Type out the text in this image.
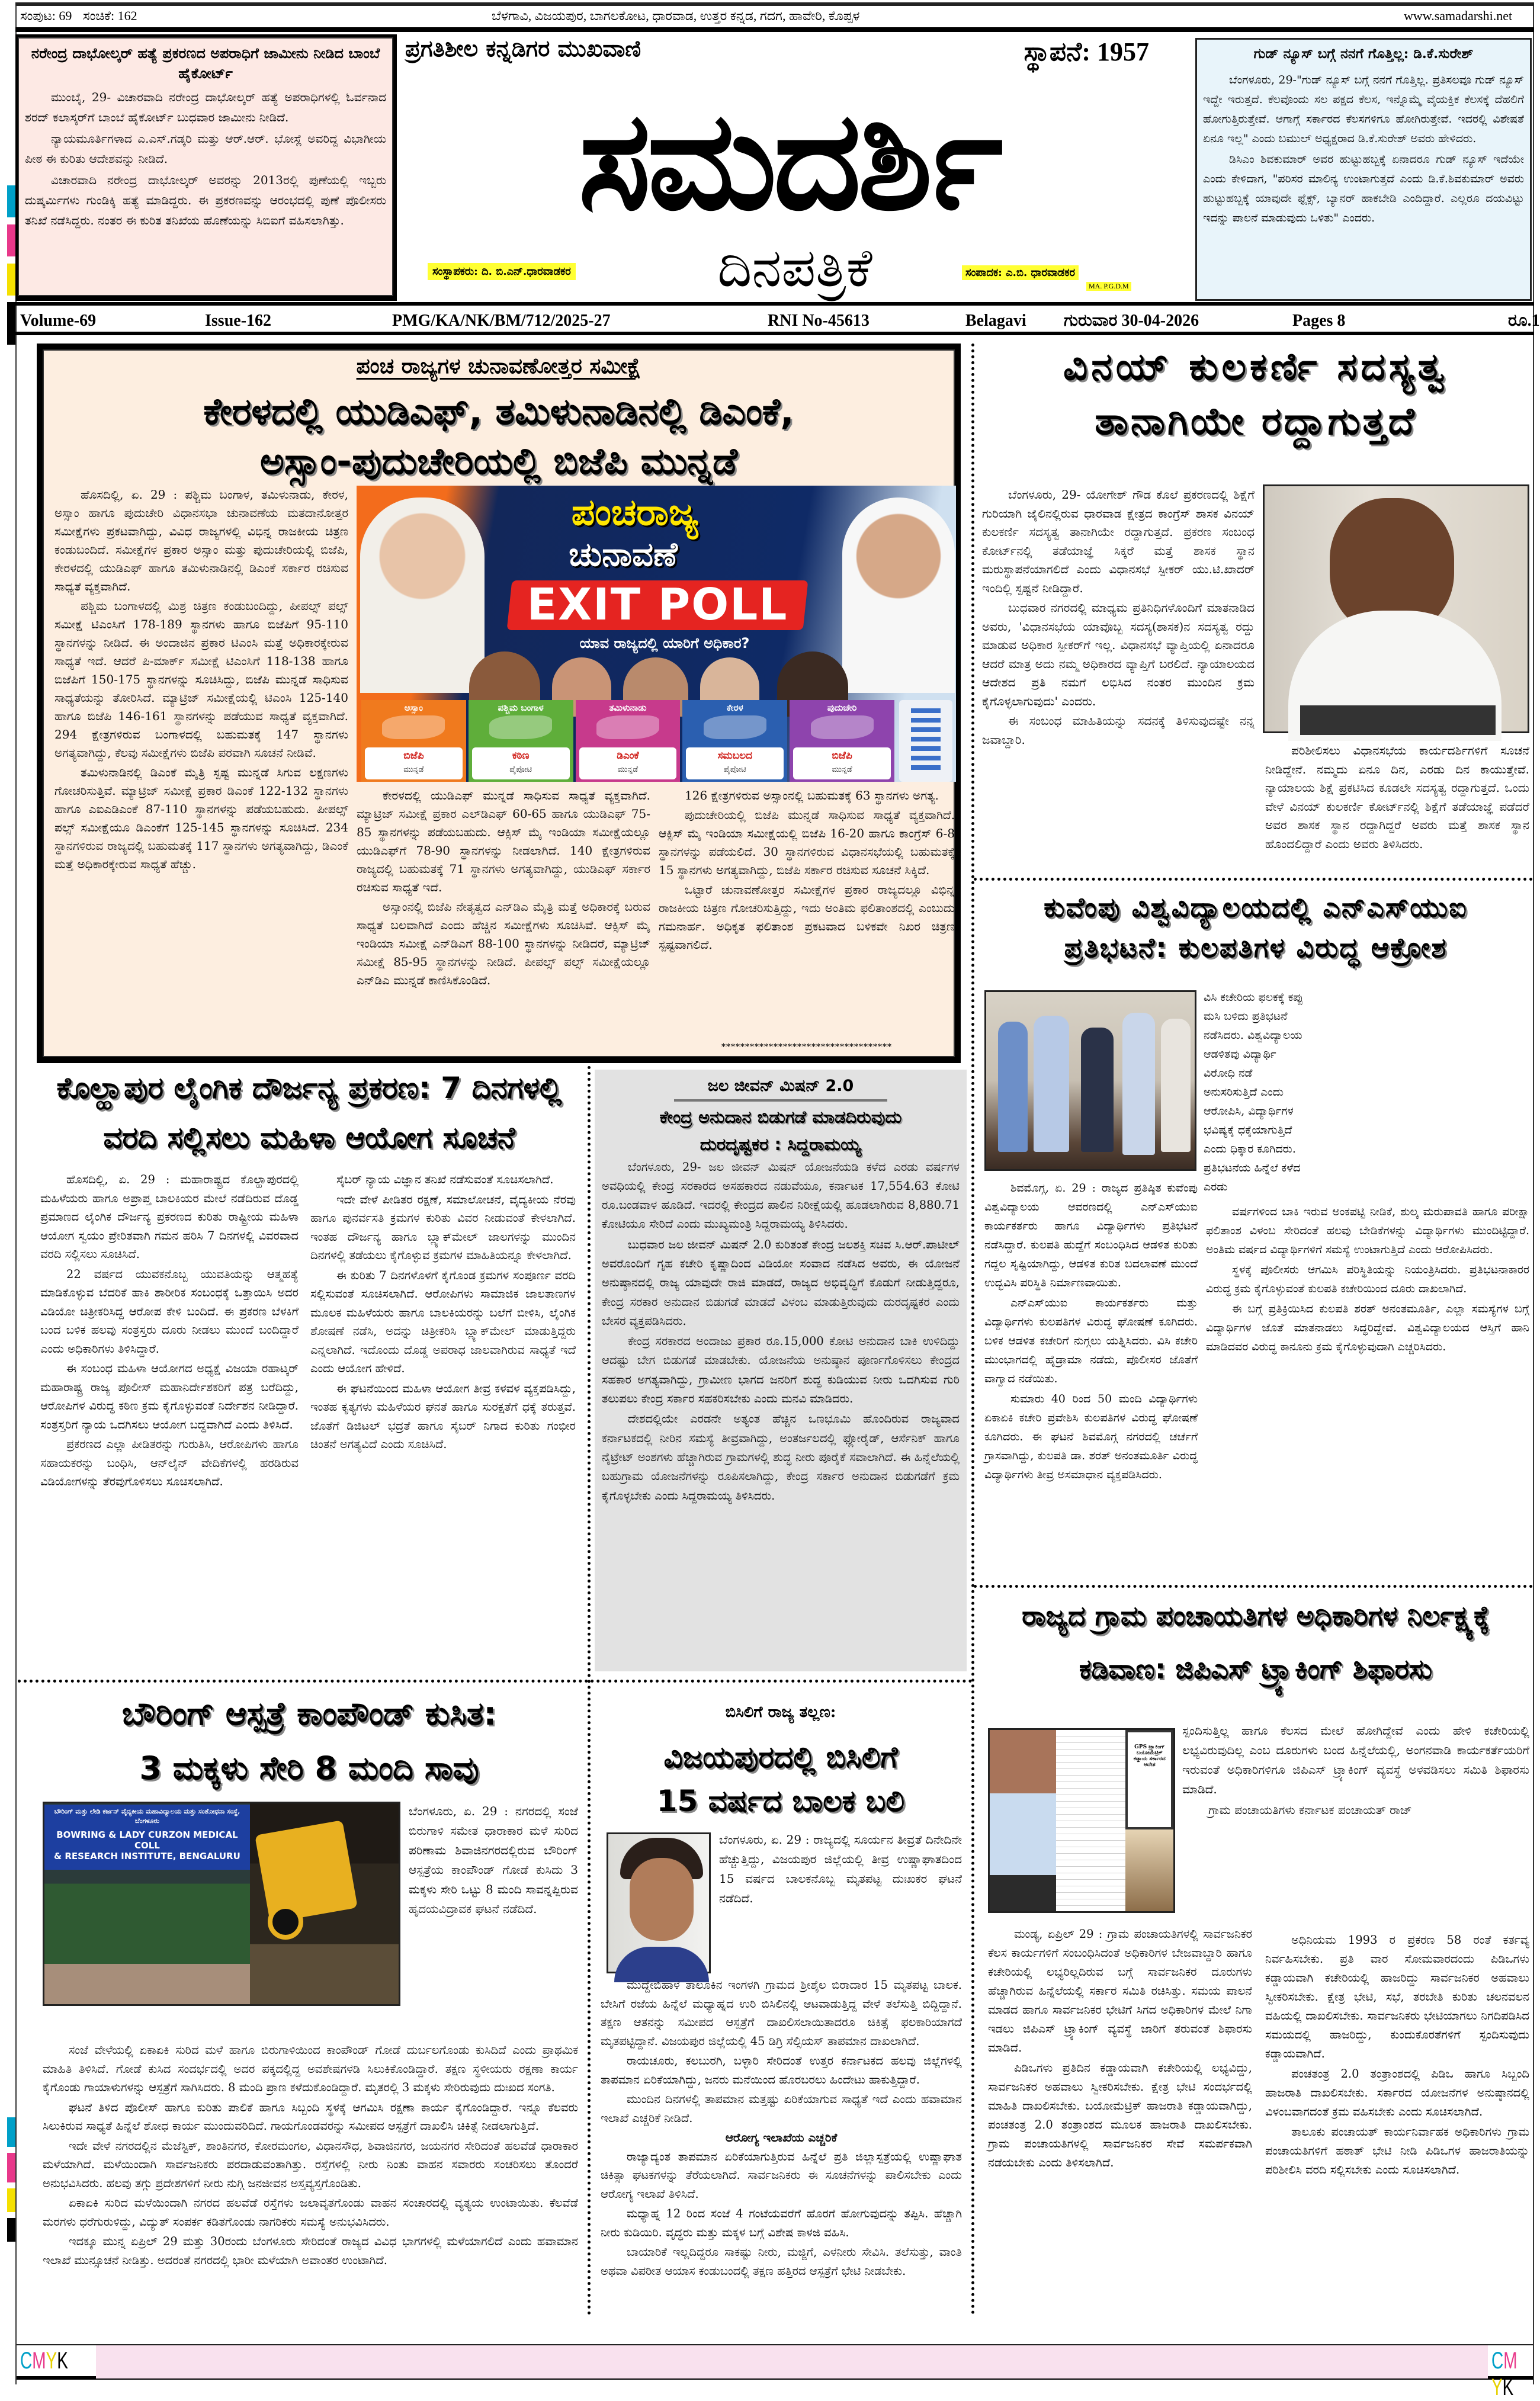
ಸಂಪುಟ: 69 ಸಂಚಿಕೆ: 162	ಬೆಳಗಾವಿ, ವಿಜಯಪುರ, ಬಾಗಲಕೋಟ, ಧಾರವಾಡ, ಉತ್ತರ ಕನ್ನಡ, ಗದಗ, ಹಾವೇರಿ, ಕೊಪ್ಪಳ	www.samadarshi.net
ನರೇಂದ್ರ ದಾಭೋಲ್ಕರ್ ಹತ್ಯೆ ಪ್ರಕರಣದ ಅಪರಾಧಿಗೆ ಜಾಮೀನು ನೀಡಿದ ಬಾಂಬೆ ಹೈಕೋರ್ಟ್

ಮುಂಬೈ, 29- ವಿಚಾರವಾದಿ ನರೇಂದ್ರ ದಾಭೋಲ್ಕರ್ ಹತ್ಯೆ ಅಪರಾಧಿಗಳಲ್ಲಿ ಓರ್ವನಾದ ಶರದ್ ಕಲಾಸ್ಕರ್‌ಗೆ ಬಾಂಬೆ ಹೈಕೋರ್ಟ್ ಬುಧವಾರ ಜಾಮೀನು ನೀಡಿದೆ.

ನ್ಯಾಯಮೂರ್ತಿಗಳಾದ ಎ.ಎಸ್.ಗಡ್ಕರಿ ಮತ್ತು ಆರ್.ಆರ್. ಭೋಸ್ಲೆ ಅವರಿದ್ದ ವಿಭಾಗೀಯ ಪೀಠ ಈ ಕುರಿತು ಆದೇಶವನ್ನು ನೀಡಿದೆ.

ವಿಚಾರವಾದಿ ನರೇಂದ್ರ ದಾಭೋಲ್ಕರ್ ಅವರನ್ನು 2013ರಲ್ಲಿ ಪುಣೆಯಲ್ಲಿ ಇಬ್ಬರು ದುಷ್ಕರ್ಮಿಗಳು ಗುಂಡಿಕ್ಕಿ ಹತ್ಯೆ ಮಾಡಿದ್ದರು. ಈ ಪ್ರಕರಣವನ್ನು ಆರಂಭದಲ್ಲಿ ಪುಣೆ ಪೊಲೀಸರು ತನಿಖೆ ನಡೆಸಿದ್ದರು. ನಂತರ ಈ ಕುರಿತ ತನಿಖೆಯ ಹೊಣೆಯನ್ನು ಸಿಬಿಐಗೆ ವಹಿಸಲಾಗಿತ್ತು.

ಪ್ರಗತಿಶೀಲ ಕನ್ನಡಿಗರ ಮುಖವಾಣಿ	ಸ್ಥಾಪನೆ: 1957
ಸಮದರ್ಶಿ
ಸಂಸ್ಥಾಪಕರು: ದಿ. ಬಿ.ಎನ್.ಧಾರವಾಡಕರ	ದಿನಪತ್ರಿಕೆ	ಸಂಪಾದಕ: ಎ.ಬಿ. ಧಾರವಾಡಕರ
MA. P.G.D.M
ಗುಡ್ ನ್ಯೂಸ್ ಬಗ್ಗೆ ನನಗೆ ಗೊತ್ತಿಲ್ಲ: ಡಿ.ಕೆ.ಸುರೇಶ್

ಬೆಂಗಳೂರು, 29-"ಗುಡ್ ನ್ಯೂಸ್ ಬಗ್ಗೆ ನನಗೆ ಗೊತ್ತಿಲ್ಲ. ಪ್ರತಿಸಲವೂ ಗುಡ್ ನ್ಯೂಸ್ ಇದ್ದೇ ಇರುತ್ತದೆ. ಕೆಲವೊಂದು ಸಲ ಪಕ್ಷದ ಕೆಲಸ, ಇನ್ನೊಮ್ಮೆ ವೈಯಕ್ತಿಕ ಕೆಲಸಕ್ಕೆ ದೆಹಲಿಗೆ ಹೋಗುತ್ತಿರುತ್ತೇವೆ. ಆಗಾಗ್ಗೆ ಸರ್ಕಾರದ ಕೆಲಸಗಳಿಗೂ ಹೋಗಿರುತ್ತೇವೆ. ಇದರಲ್ಲಿ ವಿಶೇಷತೆ ಏನೂ ಇಲ್ಲ" ಎಂದು ಬಮುಲ್ ಅಧ್ಯಕ್ಷರಾದ ಡಿ.ಕೆ.ಸುರೇಶ್ ಅವರು ಹೇಳಿದರು.

ಡಿಸಿಎಂ ಶಿವಕುಮಾರ್ ಅವರ ಹುಟ್ಟುಹಬ್ಬಕ್ಕೆ ಏನಾದರೂ ಗುಡ್ ನ್ಯೂಸ್ ಇದೆಯೇ ಎಂದು ಕೇಳಿದಾಗ, "ಪರಿಸರ ಮಾಲಿನ್ಯ ಉಂಟಾಗುತ್ತದೆ ಎಂದು ಡಿ.ಕೆ.ಶಿವಕುಮಾರ್ ಅವರು ಹುಟ್ಟುಹಬ್ಬಕ್ಕೆ ಯಾವುದೇ ಫ್ಲೆಕ್ಸ್, ಬ್ಯಾನರ್ ಹಾಕಬೇಡಿ ಎಂದಿದ್ದಾರೆ. ಎಲ್ಲರೂ ದಯವಿಟ್ಟು ಇದನ್ನು ಪಾಲನೆ ಮಾಡುವುದು ಒಳಿತು" ಎಂದರು.

Volume-69	Issue-162	PMG/KA/NK/BM/712/2025-27	RNI No-45613	Belagavi ಗುರುವಾರ 30-04-2026	Pages 8	ರೂ.1
ಪಂಚ ರಾಜ್ಯಗಳ ಚುನಾವಣೋತ್ತರ ಸಮೀಕ್ಷೆ
ಕೇರಳದಲ್ಲಿ ಯುಡಿಎಫ್, ತಮಿಳುನಾಡಿನಲ್ಲಿ ಡಿಎಂಕೆ,
ಅಸ್ಸಾಂ-ಪುದುಚೇರಿಯಲ್ಲಿ ಬಿಜೆಪಿ ಮುನ್ನಡೆ

ಹೊಸದಿಲ್ಲಿ, ಏ. 29 : ಪಶ್ಚಿಮ ಬಂಗಾಳ, ತಮಿಳುನಾಡು, ಕೇರಳ, ಅಸ್ಸಾಂ ಹಾಗೂ ಪುದುಚೇರಿ ವಿಧಾನಸಭಾ ಚುನಾವಣೆಯ ಮತದಾನೋತ್ತರ ಸಮೀಕ್ಷೆಗಳು ಪ್ರಕಟವಾಗಿದ್ದು, ವಿವಿಧ ರಾಜ್ಯಗಳಲ್ಲಿ ವಿಭಿನ್ನ ರಾಜಕೀಯ ಚಿತ್ರಣ ಕಂಡುಬಂದಿದೆ. ಸಮೀಕ್ಷೆಗಳ ಪ್ರಕಾರ ಅಸ್ಸಾಂ ಮತ್ತು ಪುದುಚೇರಿಯಲ್ಲಿ ಬಿಜೆಪಿ, ಕೇರಳದಲ್ಲಿ ಯುಡಿಎಫ್ ಹಾಗೂ ತಮಿಳುನಾಡಿನಲ್ಲಿ ಡಿಎಂಕೆ ಸರ್ಕಾರ ರಚಿಸುವ ಸಾಧ್ಯತೆ ವ್ಯಕ್ತವಾಗಿದೆ.

ಪಶ್ಚಿಮ ಬಂಗಾಳದಲ್ಲಿ ಮಿಶ್ರ ಚಿತ್ರಣ ಕಂಡುಬಂದಿದ್ದು, ಪೀಪಲ್ಸ್ ಪಲ್ಸ್ ಸಮೀಕ್ಷೆ ಟಿಎಂಸಿಗೆ 178-189 ಸ್ಥಾನಗಳು ಹಾಗೂ ಬಿಜೆಪಿಗೆ 95-110 ಸ್ಥಾನಗಳನ್ನು ನೀಡಿದೆ. ಈ ಅಂದಾಜಿನ ಪ್ರಕಾರ ಟಿಎಂಸಿ ಮತ್ತೆ ಅಧಿಕಾರಕ್ಕೇರುವ ಸಾಧ್ಯತೆ ಇದೆ. ಆದರೆ ಪಿ-ಮಾರ್ಕ್ ಸಮೀಕ್ಷೆ ಟಿಎಂಸಿಗೆ 118-138 ಹಾಗೂ ಬಿಜೆಪಿಗೆ 150-175 ಸ್ಥಾನಗಳನ್ನು ಸೂಚಿಸಿದ್ದು, ಬಿಜೆಪಿ ಮುನ್ನಡೆ ಸಾಧಿಸುವ ಸಾಧ್ಯತೆಯನ್ನು ತೋರಿಸಿದೆ. ಮ್ಯಾಟ್ರಿಜ್ ಸಮೀಕ್ಷೆಯಲ್ಲಿ ಟಿಎಂಸಿ 125-140 ಹಾಗೂ ಬಿಜೆಪಿ 146-161 ಸ್ಥಾನಗಳನ್ನು ಪಡೆಯುವ ಸಾಧ್ಯತೆ ವ್ಯಕ್ತವಾಗಿದೆ. 294 ಕ್ಷೇತ್ರಗಳಿರುವ ಬಂಗಾಳದಲ್ಲಿ ಬಹುಮತಕ್ಕೆ 147 ಸ್ಥಾನಗಳು ಅಗತ್ಯವಾಗಿದ್ದು, ಕೆಲವು ಸಮೀಕ್ಷೆಗಳು ಬಿಜೆಪಿ ಪರವಾಗಿ ಸೂಚನೆ ನೀಡಿವೆ.

ತಮಿಳುನಾಡಿನಲ್ಲಿ ಡಿಎಂಕೆ ಮೈತ್ರಿ ಸ್ಪಷ್ಟ ಮುನ್ನಡೆ ಸಿಗುವ ಲಕ್ಷಣಗಳು ಗೋಚರಿಸುತ್ತಿವೆ. ಮ್ಯಾಟ್ರಿಜ್ ಸಮೀಕ್ಷೆ ಪ್ರಕಾರ ಡಿಎಂಕೆ 122-132 ಸ್ಥಾನಗಳು ಹಾಗೂ ಎಐಎಡಿಎಂಕೆ 87-110 ಸ್ಥಾನಗಳನ್ನು ಪಡೆಯಬಹುದು. ಪೀಪಲ್ಸ್ ಪಲ್ಸ್ ಸಮೀಕ್ಷೆಯೂ ಡಿಎಂಕೆಗೆ 125-145 ಸ್ಥಾನಗಳನ್ನು ಸೂಚಿಸಿದೆ. 234 ಸ್ಥಾನಗಳಿರುವ ರಾಜ್ಯದಲ್ಲಿ ಬಹುಮತಕ್ಕೆ 117 ಸ್ಥಾನಗಳು ಅಗತ್ಯವಾಗಿದ್ದು, ಡಿಎಂಕೆ ಮತ್ತೆ ಅಧಿಕಾರಕ್ಕೇರುವ ಸಾಧ್ಯತೆ ಹೆಚ್ಚು.

ಪಂಚರಾಜ್ಯ
ಚುನಾವಣೆ
EXIT POLL
ಯಾವ ರಾಜ್ಯದಲ್ಲಿ ಯಾರಿಗೆ ಅಧಿಕಾರ?
ಅಸ್ಸಾಂ
ಬಿಜೆಪಿ
ಮುನ್ನಡೆ
ಪಶ್ಚಿಮ ಬಂಗಾಳ
ಕಠಿಣ
ಪೈಪೋಟಿ
ತಮಿಳುನಾಡು
ಡಿಎಂಕೆ
ಮುನ್ನಡೆ
ಕೇರಳ
ಸಮಬಲದ
ಪೈಪೋಟಿ
ಪುದುಚೇರಿ
ಬಿಜೆಪಿ
ಮುನ್ನಡೆ

ಕೇರಳದಲ್ಲಿ ಯುಡಿಎಫ್ ಮುನ್ನಡೆ ಸಾಧಿಸುವ ಸಾಧ್ಯತೆ ವ್ಯಕ್ತವಾಗಿದೆ. ಮ್ಯಾಟ್ರಿಜ್ ಸಮೀಕ್ಷೆ ಪ್ರಕಾರ ಎಲ್‌ಡಿಎಫ್ 60-65 ಹಾಗೂ ಯುಡಿಎಫ್ 75-85 ಸ್ಥಾನಗಳನ್ನು ಪಡೆಯಬಹುದು. ಆಕ್ಸಿಸ್ ಮೈ ಇಂಡಿಯಾ ಸಮೀಕ್ಷೆಯಲ್ಲೂ ಯುಡಿಎಫ್‌ಗೆ 78-90 ಸ್ಥಾನಗಳನ್ನು ನೀಡಲಾಗಿದೆ. 140 ಕ್ಷೇತ್ರಗಳಿರುವ ರಾಜ್ಯದಲ್ಲಿ ಬಹುಮತಕ್ಕೆ 71 ಸ್ಥಾನಗಳು ಅಗತ್ಯವಾಗಿದ್ದು, ಯುಡಿಎಫ್ ಸರ್ಕಾರ ರಚಿಸುವ ಸಾಧ್ಯತೆ ಇದೆ.

ಅಸ್ಸಾಂನಲ್ಲಿ ಬಿಜೆಪಿ ನೇತೃತ್ವದ ಎನ್‌ಡಿಎ ಮೈತ್ರಿ ಮತ್ತೆ ಅಧಿಕಾರಕ್ಕೆ ಬರುವ ಸಾಧ್ಯತೆ ಬಲವಾಗಿದೆ ಎಂದು ಹೆಚ್ಚಿನ ಸಮೀಕ್ಷೆಗಳು ಸೂಚಿಸಿವೆ. ಆಕ್ಸಿಸ್ ಮೈ ಇಂಡಿಯಾ ಸಮೀಕ್ಷೆ ಎನ್‌ಡಿಎಗೆ 88-100 ಸ್ಥಾನಗಳನ್ನು ನೀಡಿದರೆ, ಮ್ಯಾಟ್ರಿಜ್ ಸಮೀಕ್ಷೆ 85-95 ಸ್ಥಾನಗಳನ್ನು ನೀಡಿದೆ. ಪೀಪಲ್ಸ್ ಪಲ್ಸ್ ಸಮೀಕ್ಷೆಯಲ್ಲೂ ಎನ್‌ಡಿಎ ಮುನ್ನಡೆ ಕಾಣಿಸಿಕೊಂಡಿದೆ.

126 ಕ್ಷೇತ್ರಗಳಿರುವ ಅಸ್ಸಾಂನಲ್ಲಿ ಬಹುಮತಕ್ಕೆ 63 ಸ್ಥಾನಗಳು ಅಗತ್ಯ.

ಪುದುಚೇರಿಯಲ್ಲಿ ಬಿಜೆಪಿ ಮುನ್ನಡೆ ಸಾಧಿಸುವ ಸಾಧ್ಯತೆ ವ್ಯಕ್ತವಾಗಿದೆ. ಆಕ್ಸಿಸ್ ಮೈ ಇಂಡಿಯಾ ಸಮೀಕ್ಷೆಯಲ್ಲಿ ಬಿಜೆಪಿ 16-20 ಹಾಗೂ ಕಾಂಗ್ರೆಸ್ 6-8 ಸ್ಥಾನಗಳನ್ನು ಪಡೆಯಲಿದೆ. 30 ಸ್ಥಾನಗಳಿರುವ ವಿಧಾನಸಭೆಯಲ್ಲಿ ಬಹುಮತಕ್ಕೆ 15 ಸ್ಥಾನಗಳು ಅಗತ್ಯವಾಗಿದ್ದು, ಬಿಜೆಪಿ ಸರ್ಕಾರ ರಚಿಸುವ ಸೂಚನೆ ಸಿಕ್ಕಿದೆ.

ಒಟ್ಟಾರೆ ಚುನಾವಣೋತ್ತರ ಸಮೀಕ್ಷೆಗಳ ಪ್ರಕಾರ ರಾಜ್ಯದಲ್ಲೂ ವಿಭಿನ್ನ ರಾಜಕೀಯ ಚಿತ್ರಣ ಗೋಚರಿಸುತ್ತಿದ್ದು, ಇದು ಅಂತಿಮ ಫಲಿತಾಂಶದಲ್ಲಿ ಎಂಬುದು ಗಮನಾರ್ಹ. ಅಧಿಕೃತ ಫಲಿತಾಂಶ ಪ್ರಕಟವಾದ ಬಳಿಕವೇ ನಿಖರ ಚಿತ್ರಣ ಸ್ಪಷ್ಟವಾಗಲಿದೆ.

************************************
ವಿನಯ್ ಕುಲಕರ್ಣಿ ಸದಸ್ಯತ್ವ
ತಾನಾಗಿಯೇ ರದ್ದಾಗುತ್ತದೆ

ಬೆಂಗಳೂರು, 29- ಯೋಗೇಶ್ ಗೌಡ ಕೊಲೆ ಪ್ರಕರಣದಲ್ಲಿ ಶಿಕ್ಷೆಗೆ ಗುರಿಯಾಗಿ ಜೈಲಿನಲ್ಲಿರುವ ಧಾರವಾಡ ಕ್ಷೇತ್ರದ ಕಾಂಗ್ರೆಸ್ ಶಾಸಕ ವಿನಯ್ ಕುಲಕರ್ಣಿ ಸದಸ್ಯತ್ವ ತಾನಾಗಿಯೇ ರದ್ದಾಗುತ್ತದೆ. ಪ್ರಕರಣ ಸಂಬಂಧ ಕೋರ್ಟ್‌ನಲ್ಲಿ ತಡೆಯಾಜ್ಞೆ ಸಿಕ್ಕರೆ ಮತ್ತೆ ಶಾಸಕ ಸ್ಥಾನ ಮರುಸ್ಥಾಪನೆಯಾಗಲಿದೆ ಎಂದು ವಿಧಾನಸಭೆ ಸ್ಪೀಕರ್ ಯು.ಟಿ.ಖಾದರ್ ಇಂದಿಲ್ಲಿ ಸ್ಪಷ್ಟನೆ ನೀಡಿದ್ದಾರೆ.

ಬುಧವಾರ ನಗರದಲ್ಲಿ ಮಾಧ್ಯಮ ಪ್ರತಿನಿಧಿಗಳೊಂದಿಗೆ ಮಾತನಾಡಿದ ಅವರು, 'ವಿಧಾನಸಭೆಯ ಯಾವೊಬ್ಬ ಸದಸ್ಯ(ಶಾಸಕ)ನ ಸದಸ್ಯತ್ವ ರದ್ದು ಮಾಡುವ ಅಧಿಕಾರ ಸ್ಪೀಕರ್‌ಗೆ ಇಲ್ಲ. ವಿಧಾನಸಭೆ ವ್ಯಾಪ್ತಿಯಲ್ಲಿ ಏನಾದರೂ ಆದರೆ ಮಾತ್ರ ಅದು ನಮ್ಮ ಅಧಿಕಾರದ ವ್ಯಾಪ್ತಿಗೆ ಬರಲಿದೆ. ನ್ಯಾಯಾಲಯದ ಆದೇಶದ ಪ್ರತಿ ನಮಗೆ ಲಭಿಸಿದ ನಂತರ ಮುಂದಿನ ಕ್ರಮ ಕೈಗೊಳ್ಳಲಾಗುವುದು' ಎಂದರು.

ಈ ಸಂಬಂಧ ಮಾಹಿತಿಯನ್ನು ಸದನಕ್ಕೆ ತಿಳಿಸುವುದಷ್ಟೇ ನನ್ನ ಜವಾಬ್ದಾರಿ.

ಪರಿಶೀಲಿಸಲು ವಿಧಾನಸಭೆಯ ಕಾರ್ಯದರ್ಶಿಗಳಿಗೆ ಸೂಚನೆ ನೀಡಿದ್ದೇನೆ. ನಮ್ಮದು ಏನೂ ದಿನ, ಎರಡು ದಿನ ಕಾಯುತ್ತೇವೆ. ನ್ಯಾಯಾಲಯ ಶಿಕ್ಷೆ ಪ್ರಕಟಿಸಿದ ಕೂಡಲೇ ಸದಸ್ಯತ್ವ ರದ್ದಾಗುತ್ತದೆ. ಒಂದು ವೇಳೆ ವಿನಯ್ ಕುಲಕರ್ಣಿ ಕೋರ್ಟ್‌ನಲ್ಲಿ ಶಿಕ್ಷೆಗೆ ತಡೆಯಾಜ್ಞೆ ಪಡೆದರೆ ಅವರ ಶಾಸಕ ಸ್ಥಾನ ರದ್ದಾಗಿದ್ದರೆ ಅವರು ಮತ್ತೆ ಶಾಸಕ ಸ್ಥಾನ ಹೊಂದಲಿದ್ದಾರೆ ಎಂದು ಅವರು ತಿಳಿಸಿದರು.

ಕುವೆಂಪು ವಿಶ್ವವಿದ್ಯಾಲಯದಲ್ಲಿ ಎನ್‌ಎಸ್‌ಯುಐ
ಪ್ರತಿಭಟನೆ: ಕುಲಪತಿಗಳ ವಿರುದ್ಧ ಆಕ್ರೋಶ
ವಿಸಿ ಕಚೇರಿಯ ಫಲಕಕ್ಕೆ ಕಪ್ಪು ಮಸಿ ಬಳಿದು ಪ್ರತಿಭಟನೆ ನಡೆಸಿದರು. ವಿಶ್ವವಿದ್ಯಾಲಯ ಆಡಳಿತವು ವಿದ್ಯಾರ್ಥಿ ವಿರೋಧಿ ನಡೆ ಅನುಸರಿಸುತ್ತಿದೆ ಎಂದು ಆರೋಪಿಸಿ, ವಿದ್ಯಾರ್ಥಿಗಳ ಭವಿಷ್ಯಕ್ಕೆ ಧಕ್ಕೆಯಾಗುತ್ತಿದೆ ಎಂದು ಧಿಕ್ಕಾರ ಕೂಗಿದರು. ಪ್ರತಿಭಟನೆಯ ಹಿನ್ನೆಲೆ ಕಳೆದ ಎರಡು

ಶಿವಮೊಗ್ಗ, ಏ. 29 : ರಾಜ್ಯದ ಪ್ರತಿಷ್ಠಿತ ಕುವೆಂಪು ವಿಶ್ವವಿದ್ಯಾಲಯ ಆವರಣದಲ್ಲಿ ಎನ್‌ಎಸ್‌ಯುಐ ಕಾರ್ಯಕರ್ತರು ಹಾಗೂ ವಿದ್ಯಾರ್ಥಿಗಳು ಪ್ರತಿಭಟನೆ ನಡೆಸಿದ್ದಾರೆ. ಕುಲಪತಿ ಹುದ್ದೆಗೆ ಸಂಬಂಧಿಸಿದ ಆಡಳಿತ ಕುರಿತು ಗದ್ದಲ ಸೃಷ್ಟಿಯಾಗಿದ್ದು, ಆಡಳಿತ ಕುರಿತ ಬದಲಾವಣೆ ಮುಂದೆ ಉದ್ಭವಿಸಿ ಪರಿಸ್ಥಿತಿ ನಿರ್ಮಾಣವಾಯಿತು.

ಎನ್‌ಎಸ್‌ಯುಐ ಕಾರ್ಯಕರ್ತರು ಮತ್ತು ವಿದ್ಯಾರ್ಥಿಗಳು ಕುಲಪತಿಗಳ ವಿರುದ್ಧ ಘೋಷಣೆ ಕೂಗಿದರು. ಬಳಿಕ ಆಡಳಿತ ಕಚೇರಿಗೆ ನುಗ್ಗಲು ಯತ್ನಿಸಿದರು. ವಿಸಿ ಕಚೇರಿ ಮುಂಭಾಗದಲ್ಲಿ ಹೈಡ್ರಾಮಾ ನಡೆದು, ಪೊಲೀಸರ ಜೊತೆಗೆ ವಾಗ್ವಾದ ನಡೆಯಿತು.

ಸುಮಾರು 40 ರಿಂದ 50 ಮಂದಿ ವಿದ್ಯಾರ್ಥಿಗಳು ಏಕಾಏಕಿ ಕಚೇರಿ ಪ್ರವೇಶಿಸಿ ಕುಲಪತಿಗಳ ವಿರುದ್ಧ ಘೋಷಣೆ ಕೂಗಿದರು. ಈ ಘಟನೆ ಶಿವಮೊಗ್ಗ ನಗರದಲ್ಲಿ ಚರ್ಚೆಗೆ ಗ್ರಾಸವಾಗಿದ್ದು, ಕುಲಪತಿ ಡಾ. ಶರತ್ ಅನಂತಮೂರ್ತಿ ವಿರುದ್ಧ ವಿದ್ಯಾರ್ಥಿಗಳು ತೀವ್ರ ಅಸಮಾಧಾನ ವ್ಯಕ್ತಪಡಿಸಿದರು.

ವರ್ಷಗಳಿಂದ ಬಾಕಿ ಇರುವ ಅಂಕಪಟ್ಟಿ ನೀಡಿಕೆ, ಶುಲ್ಕ ಮರುಪಾವತಿ ಹಾಗೂ ಪರೀಕ್ಷಾ ಫಲಿತಾಂಶ ವಿಳಂಬ ಸೇರಿದಂತೆ ಹಲವು ಬೇಡಿಕೆಗಳನ್ನು ವಿದ್ಯಾರ್ಥಿಗಳು ಮುಂದಿಟ್ಟಿದ್ದಾರೆ. ಅಂತಿಮ ವರ್ಷದ ವಿದ್ಯಾರ್ಥಿಗಳಿಗೆ ಸಮಸ್ಯೆ ಉಂಟಾಗುತ್ತಿದೆ ಎಂದು ಆರೋಪಿಸಿದರು.

ಸ್ಥಳಕ್ಕೆ ಪೊಲೀಸರು ಆಗಮಿಸಿ ಪರಿಸ್ಥಿತಿಯನ್ನು ನಿಯಂತ್ರಿಸಿದರು. ಪ್ರತಿಭಟನಾಕಾರರ ವಿರುದ್ಧ ಕ್ರಮ ಕೈಗೊಳ್ಳುವಂತೆ ಕುಲಪತಿ ಕಚೇರಿಯಿಂದ ದೂರು ದಾಖಲಾಗಿದೆ.

ಈ ಬಗ್ಗೆ ಪ್ರತಿಕ್ರಿಯಿಸಿದ ಕುಲಪತಿ ಶರತ್ ಅನಂತಮೂರ್ತಿ, ಎಲ್ಲಾ ಸಮಸ್ಯೆಗಳ ಬಗ್ಗೆ ವಿದ್ಯಾರ್ಥಿಗಳ ಜೊತೆ ಮಾತನಾಡಲು ಸಿದ್ಧರಿದ್ದೇವೆ. ವಿಶ್ವವಿದ್ಯಾಲಯದ ಆಸ್ತಿಗೆ ಹಾನಿ ಮಾಡಿದವರ ವಿರುದ್ಧ ಕಾನೂನು ಕ್ರಮ ಕೈಗೊಳ್ಳುವುದಾಗಿ ಎಚ್ಚರಿಸಿದರು.

ಕೊಲ್ಹಾಪುರ ಲೈಂಗಿಕ ದೌರ್ಜನ್ಯ ಪ್ರಕರಣ: 7 ದಿನಗಳಲ್ಲಿ
ವರದಿ ಸಲ್ಲಿಸಲು ಮಹಿಳಾ ಆಯೋಗ ಸೂಚನೆ

ಹೊಸದಿಲ್ಲಿ, ಏ. 29 : ಮಹಾರಾಷ್ಟ್ರದ ಕೊಲ್ಹಾಪುರದಲ್ಲಿ ಮಹಿಳೆಯರು ಹಾಗೂ ಅಪ್ರಾಪ್ತ ಬಾಲಕಿಯರ ಮೇಲೆ ನಡೆದಿರುವ ದೊಡ್ಡ ಪ್ರಮಾಣದ ಲೈಂಗಿಕ ದೌರ್ಜನ್ಯ ಪ್ರಕರಣದ ಕುರಿತು ರಾಷ್ಟ್ರೀಯ ಮಹಿಳಾ ಆಯೋಗ ಸ್ವಯಂ ಪ್ರೇರಿತವಾಗಿ ಗಮನ ಹರಿಸಿ 7 ದಿನಗಳಲ್ಲಿ ವಿವರವಾದ ವರದಿ ಸಲ್ಲಿಸಲು ಸೂಚಿಸಿದೆ.

22 ವರ್ಷದ ಯುವಕನೊಬ್ಬ ಯುವತಿಯನ್ನು ಆತ್ಮಹತ್ಯೆ ಮಾಡಿಕೊಳ್ಳುವ ಬೆದರಿಕೆ ಹಾಕಿ ಶಾರೀರಿಕ ಸಂಬಂಧಕ್ಕೆ ಒತ್ತಾಯಿಸಿ ಅದರ ವಿಡಿಯೋ ಚಿತ್ರೀಕರಿಸಿದ್ದ ಆರೋಪ ಕೇಳಿ ಬಂದಿದೆ. ಈ ಪ್ರಕರಣ ಬೆಳಕಿಗೆ ಬಂದ ಬಳಿಕ ಹಲವು ಸಂತ್ರಸ್ತರು ದೂರು ನೀಡಲು ಮುಂದೆ ಬಂದಿದ್ದಾರೆ ಎಂದು ಅಧಿಕಾರಿಗಳು ತಿಳಿಸಿದ್ದಾರೆ.

ಈ ಸಂಬಂಧ ಮಹಿಳಾ ಆಯೋಗದ ಅಧ್ಯಕ್ಷೆ ವಿಜಯಾ ರಹಾಟ್ಕರ್ ಮಹಾರಾಷ್ಟ್ರ ರಾಜ್ಯ ಪೊಲೀಸ್ ಮಹಾನಿರ್ದೇಶಕರಿಗೆ ಪತ್ರ ಬರೆದಿದ್ದು, ಆರೋಪಿಗಳ ವಿರುದ್ಧ ಕಠಿಣ ಕ್ರಮ ಕೈಗೊಳ್ಳುವಂತೆ ನಿರ್ದೇಶನ ನೀಡಿದ್ದಾರೆ. ಸಂತ್ರಸ್ತರಿಗೆ ನ್ಯಾಯ ಒದಗಿಸಲು ಆಯೋಗ ಬದ್ಧವಾಗಿದೆ ಎಂದು ತಿಳಿಸಿದೆ.

ಪ್ರಕರಣದ ಎಲ್ಲಾ ಪೀಡಿತರನ್ನು ಗುರುತಿಸಿ, ಆರೋಪಿಗಳು ಹಾಗೂ ಸಹಾಯಕರನ್ನು ಬಂಧಿಸಿ, ಆನ್‌ಲೈನ್ ವೇದಿಕೆಗಳಲ್ಲಿ ಹರಡಿರುವ ವಿಡಿಯೋಗಳನ್ನು ತೆರವುಗೊಳಿಸಲು ಸೂಚಿಸಲಾಗಿದೆ.

ಸೈಬರ್ ನ್ಯಾಯ ವಿಜ್ಞಾನ ತನಿಖೆ ನಡೆಸುವಂತೆ ಸೂಚಿಸಲಾಗಿದೆ.

ಇದೇ ವೇಳೆ ಪೀಡಿತರ ರಕ್ಷಣೆ, ಸಮಾಲೋಚನೆ, ವೈದ್ಯಕೀಯ ನೆರವು ಹಾಗೂ ಪುನರ್ವಸತಿ ಕ್ರಮಗಳ ಕುರಿತು ವಿವರ ನೀಡುವಂತೆ ಕೇಳಲಾಗಿದೆ. ಇಂತಹ ದೌರ್ಜನ್ಯ ಹಾಗೂ ಬ್ಲ್ಯಾಕ್‌ಮೇಲ್ ಜಾಲಗಳನ್ನು ಮುಂದಿನ ದಿನಗಳಲ್ಲಿ ತಡೆಯಲು ಕೈಗೊಳ್ಳುವ ಕ್ರಮಗಳ ಮಾಹಿತಿಯನ್ನೂ ಕೇಳಲಾಗಿದೆ.

ಈ ಕುರಿತು 7 ದಿನಗಳೊಳಗೆ ಕೈಗೊಂಡ ಕ್ರಮಗಳ ಸಂಪೂರ್ಣ ವರದಿ ಸಲ್ಲಿಸುವಂತೆ ಸೂಚಿಸಲಾಗಿದೆ. ಆರೋಪಿಗಳು ಸಾಮಾಜಿಕ ಜಾಲತಾಣಗಳ ಮೂಲಕ ಮಹಿಳೆಯರು ಹಾಗೂ ಬಾಲಕಿಯರನ್ನು ಬಲೆಗೆ ಬೀಳಿಸಿ, ಲೈಂಗಿಕ ಶೋಷಣೆ ನಡೆಸಿ, ಅದನ್ನು ಚಿತ್ರೀಕರಿಸಿ ಬ್ಲ್ಯಾಕ್‌ಮೇಲ್ ಮಾಡುತ್ತಿದ್ದರು ಎನ್ನಲಾಗಿದೆ. ಇದೊಂದು ದೊಡ್ಡ ಅಪರಾಧ ಜಾಲವಾಗಿರುವ ಸಾಧ್ಯತೆ ಇದೆ ಎಂದು ಆಯೋಗ ಹೇಳಿದೆ.

ಈ ಘಟನೆಯಿಂದ ಮಹಿಳಾ ಆಯೋಗ ತೀವ್ರ ಕಳವಳ ವ್ಯಕ್ತಪಡಿಸಿದ್ದು, ಇಂತಹ ಕೃತ್ಯಗಳು ಮಹಿಳೆಯರ ಘನತೆ ಹಾಗೂ ಸುರಕ್ಷತೆಗೆ ಧಕ್ಕೆ ತರುತ್ತವೆ. ಜೊತೆಗೆ ಡಿಜಿಟಲ್ ಭದ್ರತೆ ಹಾಗೂ ಸೈಬರ್ ನಿಗಾದ ಕುರಿತು ಗಂಭೀರ ಚಿಂತನೆ ಅಗತ್ಯವಿದೆ ಎಂದು ಸೂಚಿಸಿದೆ.

ಜಲ ಜೀವನ್ ಮಿಷನ್ 2.0
ಕೇಂದ್ರ ಅನುದಾನ ಬಿಡುಗಡೆ ಮಾಡದಿರುವುದು
ದುರದೃಷ್ಟಕರ : ಸಿದ್ದರಾಮಯ್ಯ

ಬೆಂಗಳೂರು, 29- ಜಲ ಜೀವನ್ ಮಿಷನ್ ಯೋಜನೆಯಡಿ ಕಳೆದ ಎರಡು ವರ್ಷಗಳ ಅವಧಿಯಲ್ಲಿ ಕೇಂದ್ರ ಸರಕಾರದ ಅಸಹಕಾರದ ನಡುವೆಯೂ, ಕರ್ನಾಟಕ 17,554.63 ಕೋಟಿ ರೂ.ಬಂಡವಾಳ ಹೂಡಿದೆ. ಇದರಲ್ಲಿ ಕೇಂದ್ರದ ಪಾಲಿನ ನಿರೀಕ್ಷೆಯಲ್ಲಿ ಹೂಡಲಾಗಿರುವ 8,880.71 ಕೋಟಿಯೂ ಸೇರಿದೆ ಎಂದು ಮುಖ್ಯಮಂತ್ರಿ ಸಿದ್ದರಾಮಯ್ಯ ತಿಳಿಸಿದರು.

ಬುಧವಾರ ಜಲ ಜೀವನ್ ಮಿಷನ್ 2.0 ಕುರಿತಂತೆ ಕೇಂದ್ರ ಜಲಶಕ್ತಿ ಸಚಿವ ಸಿ.ಆರ್.ಪಾಟೀಲ್ ಅವರೊಂದಿಗೆ ಗೃಹ ಕಚೇರಿ ಕೃಷ್ಣಾದಿಂದ ವಿಡಿಯೋ ಸಂವಾದ ನಡೆಸಿದ ಅವರು, ಈ ಯೋಜನೆ ಅನುಷ್ಠಾನದಲ್ಲಿ ರಾಜ್ಯ ಯಾವುದೇ ರಾಜಿ ಮಾಡದೆ, ರಾಜ್ಯದ ಅಭಿವೃದ್ಧಿಗೆ ಕೊಡುಗೆ ನೀಡುತ್ತಿದ್ದರೂ, ಕೇಂದ್ರ ಸರಕಾರ ಅನುದಾನ ಬಿಡುಗಡೆ ಮಾಡದೆ ವಿಳಂಬ ಮಾಡುತ್ತಿರುವುದು ದುರದೃಷ್ಟಕರ ಎಂದು ಬೇಸರ ವ್ಯಕ್ತಪಡಿಸಿದರು.

ಕೇಂದ್ರ ಸರಕಾರದ ಅಂದಾಜು ಪ್ರಕಾರ ರೂ.15,000 ಕೋಟಿ ಅನುದಾನ ಬಾಕಿ ಉಳಿದಿದ್ದು ಆದಷ್ಟು ಬೇಗ ಬಿಡುಗಡೆ ಮಾಡಬೇಕು. ಯೋಜನೆಯ ಅನುಷ್ಠಾನ ಪೂರ್ಣಗೊಳಿಸಲು ಕೇಂದ್ರದ ಸಹಕಾರ ಅಗತ್ಯವಾಗಿದ್ದು, ಗ್ರಾಮೀಣ ಭಾಗದ ಜನರಿಗೆ ಶುದ್ಧ ಕುಡಿಯುವ ನೀರು ಒದಗಿಸುವ ಗುರಿ ತಲುಪಲು ಕೇಂದ್ರ ಸರ್ಕಾರ ಸಹಕರಿಸಬೇಕು ಎಂದು ಮನವಿ ಮಾಡಿದರು.

ದೇಶದಲ್ಲಿಯೇ ಎರಡನೇ ಅತ್ಯಂತ ಹೆಚ್ಚಿನ ಒಣಭೂಮಿ ಹೊಂದಿರುವ ರಾಜ್ಯವಾದ ಕರ್ನಾಟಕದಲ್ಲಿ ನೀರಿನ ಸಮಸ್ಯೆ ತೀವ್ರವಾಗಿದ್ದು, ಅಂತರ್ಜಲದಲ್ಲಿ ಫ್ಲೋರೈಡ್, ಆರ್ಸೆನಿಕ್ ಹಾಗೂ ನೈಟ್ರೇಟ್ ಅಂಶಗಳು ಹೆಚ್ಚಾಗಿರುವ ಗ್ರಾಮಗಳಲ್ಲಿ ಶುದ್ಧ ನೀರು ಪೂರೈಕೆ ಸವಾಲಾಗಿದೆ. ಈ ಹಿನ್ನೆಲೆಯಲ್ಲಿ ಬಹುಗ್ರಾಮ ಯೋಜನೆಗಳನ್ನು ರೂಪಿಸಲಾಗಿದ್ದು, ಕೇಂದ್ರ ಸರ್ಕಾರ ಅನುದಾನ ಬಿಡುಗಡೆಗೆ ಕ್ರಮ ಕೈಗೊಳ್ಳಬೇಕು ಎಂದು ಸಿದ್ದರಾಮಯ್ಯ ತಿಳಿಸಿದರು.

ರಾಜ್ಯದ ಗ್ರಾಮ ಪಂಚಾಯತಿಗಳ ಅಧಿಕಾರಿಗಳ ನಿರ್ಲಕ್ಷ್ಯಕ್ಕೆ
ಕಡಿವಾಣ: ಜಿಪಿಎಸ್ ಟ್ರ್ಯಾಕಿಂಗ್ ಶಿಫಾರಸು
GPS ಟ್ರ್ಯಾಕಿಂಗ್ ಬಯೋಮೆಟ್ರಿಕ್ ಕಡ್ಡಾಯ ಸರ್ಕಾರದ ಆದೇಶ

ಸ್ಪಂದಿಸುತ್ತಿಲ್ಲ ಹಾಗೂ ಕೆಲಸದ ಮೇಲೆ ಹೋಗಿದ್ದೇವೆ ಎಂದು ಹೇಳಿ ಕಚೇರಿಯಲ್ಲಿ ಲಭ್ಯವಿರುವುದಿಲ್ಲ ಎಂಬ ದೂರುಗಳು ಬಂದ ಹಿನ್ನೆಲೆಯಲ್ಲಿ, ಅಂಗನವಾಡಿ ಕಾರ್ಯಕರ್ತೆಯರಿಗೆ ಇರುವಂತೆ ಅಧಿಕಾರಿಗಳಿಗೂ ಜಿಪಿಎಸ್ ಟ್ರ್ಯಾಕಿಂಗ್ ವ್ಯವಸ್ಥೆ ಅಳವಡಿಸಲು ಸಮಿತಿ ಶಿಫಾರಸು ಮಾಡಿದೆ.

ಗ್ರಾಮ ಪಂಚಾಯತಿಗಳು ಕರ್ನಾಟಕ ಪಂಚಾಯತ್ ರಾಜ್

ಮಂಡ್ಯ, ಏಪ್ರಿಲ್ 29 : ಗ್ರಾಮ ಪಂಚಾಯತಿಗಳಲ್ಲಿ ಸಾರ್ವಜನಿಕರ ಕೆಲಸ ಕಾರ್ಯಗಳಿಗೆ ಸಂಬಂಧಿಸಿದಂತೆ ಅಧಿಕಾರಿಗಳ ಬೇಜವಾಬ್ದಾರಿ ಹಾಗೂ ಕಚೇರಿಯಲ್ಲಿ ಲಭ್ಯರಿಲ್ಲದಿರುವ ಬಗ್ಗೆ ಸಾರ್ವಜನಿಕರ ದೂರುಗಳು ಹೆಚ್ಚಾಗಿರುವ ಹಿನ್ನೆಲೆಯಲ್ಲಿ ಸರ್ಕಾರ ಸಮಿತಿ ರಚಿಸಿತ್ತು. ಸಮಯ ಪಾಲನೆ ಮಾಡದ ಹಾಗೂ ಸಾರ್ವಜನಿಕರ ಭೇಟಿಗೆ ಸಿಗದ ಅಧಿಕಾರಿಗಳ ಮೇಲೆ ನಿಗಾ ಇಡಲು ಜಿಪಿಎಸ್ ಟ್ರ್ಯಾಕಿಂಗ್ ವ್ಯವಸ್ಥೆ ಜಾರಿಗೆ ತರುವಂತೆ ಶಿಫಾರಸು ಮಾಡಿದೆ.

ಪಿಡಿಒಗಳು ಪ್ರತಿದಿನ ಕಡ್ಡಾಯವಾಗಿ ಕಚೇರಿಯಲ್ಲಿ ಲಭ್ಯವಿದ್ದು, ಸಾರ್ವಜನಿಕರ ಅಹವಾಲು ಸ್ವೀಕರಿಸಬೇಕು. ಕ್ಷೇತ್ರ ಭೇಟಿ ಸಂದರ್ಭದಲ್ಲಿ ಮಾಹಿತಿ ದಾಖಲಿಸಬೇಕು. ಬಯೋಮೆಟ್ರಿಕ್ ಹಾಜರಾತಿ ಕಡ್ಡಾಯವಾಗಿದ್ದು, ಪಂಚತಂತ್ರ 2.0 ತಂತ್ರಾಂಶದ ಮೂಲಕ ಹಾಜರಾತಿ ದಾಖಲಿಸಬೇಕು. ಗ್ರಾಮ ಪಂಚಾಯತಿಗಳಲ್ಲಿ ಸಾರ್ವಜನಿಕರ ಸೇವೆ ಸಮರ್ಪಕವಾಗಿ ನಡೆಯಬೇಕು ಎಂದು ತಿಳಿಸಲಾಗಿದೆ.

ಅಧಿನಿಯಮ 1993 ರ ಪ್ರಕರಣ 58 ರಂತೆ ಕರ್ತವ್ಯ ನಿರ್ವಹಿಸಬೇಕು. ಪ್ರತಿ ವಾರ ಸೋಮವಾರದಂದು ಪಿಡಿಒಗಳು ಕಡ್ಡಾಯವಾಗಿ ಕಚೇರಿಯಲ್ಲಿ ಹಾಜರಿದ್ದು ಸಾರ್ವಜನಿಕರ ಅಹವಾಲು ಸ್ವೀಕರಿಸಬೇಕು. ಕ್ಷೇತ್ರ ಭೇಟಿ, ಸಭೆ, ತರಬೇತಿ ಕುರಿತು ಚಲನವಲನ ವಹಿಯಲ್ಲಿ ದಾಖಲಿಸಬೇಕು. ಸಾರ್ವಜನಿಕರು ಭೇಟಿಯಾಗಲು ನಿಗದಿಪಡಿಸಿದ ಸಮಯದಲ್ಲಿ ಹಾಜರಿದ್ದು, ಕುಂದುಕೊರತೆಗಳಿಗೆ ಸ್ಪಂದಿಸುವುದು ಕಡ್ಡಾಯವಾಗಿದೆ.

ಪಂಚತಂತ್ರ 2.0 ತಂತ್ರಾಂಶದಲ್ಲಿ ಪಿಡಿಒ ಹಾಗೂ ಸಿಬ್ಬಂದಿ ಹಾಜರಾತಿ ದಾಖಲಿಸಬೇಕು. ಸರ್ಕಾರದ ಯೋಜನೆಗಳ ಅನುಷ್ಠಾನದಲ್ಲಿ ವಿಳಂಬವಾಗದಂತೆ ಕ್ರಮ ವಹಿಸಬೇಕು ಎಂದು ಸೂಚಿಸಲಾಗಿದೆ.

ತಾಲೂಕು ಪಂಚಾಯತ್ ಕಾರ್ಯನಿರ್ವಾಹಕ ಅಧಿಕಾರಿಗಳು ಗ್ರಾಮ ಪಂಚಾಯತಿಗಳಿಗೆ ಹಠಾತ್ ಭೇಟಿ ನೀಡಿ ಪಿಡಿಒಗಳ ಹಾಜರಾತಿಯನ್ನು ಪರಿಶೀಲಿಸಿ ವರದಿ ಸಲ್ಲಿಸಬೇಕು ಎಂದು ಸೂಚಿಸಲಾಗಿದೆ.

ಬೌರಿಂಗ್ ಆಸ್ಪತ್ರೆ ಕಾಂಪೌಂಡ್ ಕುಸಿತ:
3 ಮಕ್ಕಳು ಸೇರಿ 8 ಮಂದಿ ಸಾವು
ಬೌರಿಂಗ್ ಮತ್ತು ಲೇಡಿ ಕರ್ಜನ್ ವೈದ್ಯಕೀಯ ಮಹಾವಿದ್ಯಾಲಯ ಮತ್ತು ಸಂಶೋಧನಾ ಸಂಸ್ಥೆ, ಬೆಂಗಳೂರು
BOWRING & LADY CURZON MEDICAL COLL
& RESEARCH INSTITUTE, BENGALURU
ಬೆಂಗಳೂರು, ಏ. 29 : ನಗರದಲ್ಲಿ ಸಂಜೆ ಬಿರುಗಾಳಿ ಸಮೇತ ಧಾರಾಕಾರ ಮಳೆ ಸುರಿದ ಪರಿಣಾಮ ಶಿವಾಜಿನಗರದಲ್ಲಿರುವ ಬೌರಿಂಗ್ ಆಸ್ಪತ್ರೆಯ ಕಾಂಪೌಂಡ್ ಗೋಡೆ ಕುಸಿದು 3 ಮಕ್ಕಳು ಸೇರಿ ಒಟ್ಟು 8 ಮಂದಿ ಸಾವನ್ನಪ್ಪಿರುವ ಹೃದಯವಿದ್ರಾವಕ ಘಟನೆ ನಡೆದಿದೆ.

ಸಂಜೆ ವೇಳೆಯಲ್ಲಿ ಏಕಾಏಕಿ ಸುರಿದ ಮಳೆ ಹಾಗೂ ಬಿರುಗಾಳಿಯಿಂದ ಕಾಂಪೌಂಡ್ ಗೋಡೆ ದುರ್ಬಲಗೊಂಡು ಕುಸಿದಿದೆ ಎಂದು ಪ್ರಾಥಮಿಕ ಮಾಹಿತಿ ತಿಳಿಸಿದೆ. ಗೋಡೆ ಕುಸಿದ ಸಂದರ್ಭದಲ್ಲಿ ಅದರ ಪಕ್ಕದಲ್ಲಿದ್ದ ಅವಶೇಷಗಳಡಿ ಸಿಲುಕಿಕೊಂಡಿದ್ದಾರೆ. ತಕ್ಷಣ ಸ್ಥಳೀಯರು ರಕ್ಷಣಾ ಕಾರ್ಯ ಕೈಗೊಂಡು ಗಾಯಾಳುಗಳನ್ನು ಆಸ್ಪತ್ರೆಗೆ ಸಾಗಿಸಿದರು. 8 ಮಂದಿ ಪ್ರಾಣ ಕಳೆದುಕೊಂಡಿದ್ದಾರೆ. ಮೃತರಲ್ಲಿ 3 ಮಕ್ಕಳು ಸೇರಿರುವುದು ದುಃಖದ ಸಂಗತಿ.

ಘಟನೆ ತಿಳಿದ ಪೊಲೀಸ್ ಹಾಗೂ ಕುರಿತು ಪಾಲಿಕೆ ಹಾಗೂ ಸಿಬ್ಬಂದಿ ಸ್ಥಳಕ್ಕೆ ಆಗಮಿಸಿ ರಕ್ಷಣಾ ಕಾರ್ಯ ಕೈಗೊಂಡಿದ್ದಾರೆ. ಇನ್ನೂ ಕೆಲವರು ಸಿಲುಕಿರುವ ಸಾಧ್ಯತೆ ಹಿನ್ನೆಲೆ ಶೋಧ ಕಾರ್ಯ ಮುಂದುವರಿದಿದೆ. ಗಾಯಗೊಂಡವರನ್ನು ಸಮೀಪದ ಆಸ್ಪತ್ರೆಗೆ ದಾಖಲಿಸಿ ಚಿಕಿತ್ಸೆ ನೀಡಲಾಗುತ್ತಿದೆ.

ಇದೇ ವೇಳೆ ನಗರದಲ್ಲಿನ ಮೆಜೆಸ್ಟಿಕ್, ಶಾಂತಿನಗರ, ಕೋರಮಂಗಲ, ವಿಧಾನಸೌಧ, ಶಿವಾಜಿನಗರ, ಜಯನಗರ ಸೇರಿದಂತೆ ಹಲವೆಡೆ ಧಾರಾಕಾರ ಮಳೆಯಾಗಿದೆ. ಮಳೆಯಿಂದಾಗಿ ಸಾರ್ವಜನಿಕರು ಪರದಾಡುವಂತಾಗಿತ್ತು. ರಸ್ತೆಗಳಲ್ಲಿ ನೀರು ನಿಂತು ವಾಹನ ಸವಾರರು ಸಂಚರಿಸಲು ತೊಂದರೆ ಅನುಭವಿಸಿದರು. ಹಲವು ತಗ್ಗು ಪ್ರದೇಶಗಳಿಗೆ ನೀರು ನುಗ್ಗಿ ಜನಜೀವನ ಅಸ್ತವ್ಯಸ್ತಗೊಂಡಿತು.

ಏಕಾಏಕಿ ಸುರಿದ ಮಳೆಯಿಂದಾಗಿ ನಗರದ ಹಲವೆಡೆ ರಸ್ತೆಗಳು ಜಲಾವೃತಗೊಂಡು ವಾಹನ ಸಂಚಾರದಲ್ಲಿ ವ್ಯತ್ಯಯ ಉಂಟಾಯಿತು. ಕೆಲವೆಡೆ ಮರಗಳು ಧರೆಗುರುಳಿದ್ದು, ವಿದ್ಯುತ್ ಸಂಪರ್ಕ ಕಡಿತಗೊಂಡು ನಾಗರಿಕರು ಸಮಸ್ಯೆ ಅನುಭವಿಸಿದರು.

ಇದಕ್ಕೂ ಮುನ್ನ ಏಪ್ರಿಲ್ 29 ಮತ್ತು 30ರಂದು ಬೆಂಗಳೂರು ಸೇರಿದಂತೆ ರಾಜ್ಯದ ವಿವಿಧ ಭಾಗಗಳಲ್ಲಿ ಮಳೆಯಾಗಲಿದೆ ಎಂದು ಹವಾಮಾನ ಇಲಾಖೆ ಮುನ್ಸೂಚನೆ ನೀಡಿತ್ತು. ಅದರಂತೆ ನಗರದಲ್ಲಿ ಭಾರೀ ಮಳೆಯಾಗಿ ಅವಾಂತರ ಉಂಟಾಗಿದೆ.

ಬಿಸಿಲಿಗೆ ರಾಜ್ಯ ತಲ್ಲಣ:
ವಿಜಯಪುರದಲ್ಲಿ ಬಿಸಿಲಿಗೆ
15 ವರ್ಷದ ಬಾಲಕ ಬಲಿ
ಬೆಂಗಳೂರು, ಏ. 29 : ರಾಜ್ಯದಲ್ಲಿ ಸೂರ್ಯನ ತೀವ್ರತೆ ದಿನೇದಿನೇ ಹೆಚ್ಚುತ್ತಿದ್ದು, ವಿಜಯಪುರ ಜಿಲ್ಲೆಯಲ್ಲಿ ತೀವ್ರ ಉಷ್ಣಾಘಾತದಿಂದ 15 ವರ್ಷದ ಬಾಲಕನೊಬ್ಬ ಮೃತಪಟ್ಟ ದುಃಖಕರ ಘಟನೆ ನಡೆದಿದೆ.

ಮುದ್ದೇಬಿಹಾಳ ತಾಲೂಕಿನ ಇಂಗಳಗಿ ಗ್ರಾಮದ ಶ್ರೀಶೈಲ ಬಿರಾದಾರ 15 ಮೃತಪಟ್ಟ ಬಾಲಕ. ಬೇಸಿಗೆ ರಜೆಯ ಹಿನ್ನೆಲೆ ಮಧ್ಯಾಹ್ನದ ಉರಿ ಬಿಸಿಲಿನಲ್ಲಿ ಆಟವಾಡುತ್ತಿದ್ದ ವೇಳೆ ತಲೆಸುತ್ತಿ ಬಿದ್ದಿದ್ದಾನೆ. ತಕ್ಷಣ ಆತನನ್ನು ಸಮೀಪದ ಆಸ್ಪತ್ರೆಗೆ ದಾಖಲಿಸಲಾಯಿತಾದರೂ ಚಿಕಿತ್ಸೆ ಫಲಕಾರಿಯಾಗದೆ ಮೃತಪಟ್ಟಿದ್ದಾನೆ. ವಿಜಯಪುರ ಜಿಲ್ಲೆಯಲ್ಲಿ 45 ಡಿಗ್ರಿ ಸೆಲ್ಸಿಯಸ್ ತಾಪಮಾನ ದಾಖಲಾಗಿದೆ.

ರಾಯಚೂರು, ಕಲಬುರಗಿ, ಬಳ್ಳಾರಿ ಸೇರಿದಂತೆ ಉತ್ತರ ಕರ್ನಾಟಕದ ಹಲವು ಜಿಲ್ಲೆಗಳಲ್ಲಿ ತಾಪಮಾನ ಏರಿಕೆಯಾಗಿದ್ದು, ಜನರು ಮನೆಯಿಂದ ಹೊರಬರಲು ಹಿಂದೇಟು ಹಾಕುತ್ತಿದ್ದಾರೆ.

ಮುಂದಿನ ದಿನಗಳಲ್ಲಿ ತಾಪಮಾನ ಮತ್ತಷ್ಟು ಏರಿಕೆಯಾಗುವ ಸಾಧ್ಯತೆ ಇದೆ ಎಂದು ಹವಾಮಾನ ಇಲಾಖೆ ಎಚ್ಚರಿಕೆ ನೀಡಿದೆ.

ಆರೋಗ್ಯ ಇಲಾಖೆಯ ಎಚ್ಚರಿಕೆ

ರಾಜ್ಯಾದ್ಯಂತ ತಾಪಮಾನ ಏರಿಕೆಯಾಗುತ್ತಿರುವ ಹಿನ್ನೆಲೆ ಪ್ರತಿ ಜಿಲ್ಲಾಸ್ಪತ್ರೆಯಲ್ಲಿ ಉಷ್ಣಾಘಾತ ಚಿಕಿತ್ಸಾ ಘಟಕಗಳನ್ನು ತೆರೆಯಲಾಗಿದೆ. ಸಾರ್ವಜನಿಕರು ಈ ಸೂಚನೆಗಳನ್ನು ಪಾಲಿಸಬೇಕು ಎಂದು ಆರೋಗ್ಯ ಇಲಾಖೆ ತಿಳಿಸಿದೆ.

ಮಧ್ಯಾಹ್ನ 12 ರಿಂದ ಸಂಜೆ 4 ಗಂಟೆಯವರೆಗೆ ಹೊರಗೆ ಹೋಗುವುದನ್ನು ತಪ್ಪಿಸಿ. ಹೆಚ್ಚಾಗಿ ನೀರು ಕುಡಿಯಿರಿ. ವೃದ್ಧರು ಮತ್ತು ಮಕ್ಕಳ ಬಗ್ಗೆ ವಿಶೇಷ ಕಾಳಜಿ ವಹಿಸಿ.

ಬಾಯಾರಿಕೆ ಇಲ್ಲದಿದ್ದರೂ ಸಾಕಷ್ಟು ನೀರು, ಮಜ್ಜಿಗೆ, ಎಳನೀರು ಸೇವಿಸಿ. ತಲೆಸುತ್ತು, ವಾಂತಿ ಅಥವಾ ವಿಪರೀತ ಆಯಾಸ ಕಂಡುಬಂದಲ್ಲಿ ತಕ್ಷಣ ಹತ್ತಿರದ ಆಸ್ಪತ್ರೆಗೆ ಭೇಟಿ ನೀಡಬೇಕು.

CMYK	CMYK
